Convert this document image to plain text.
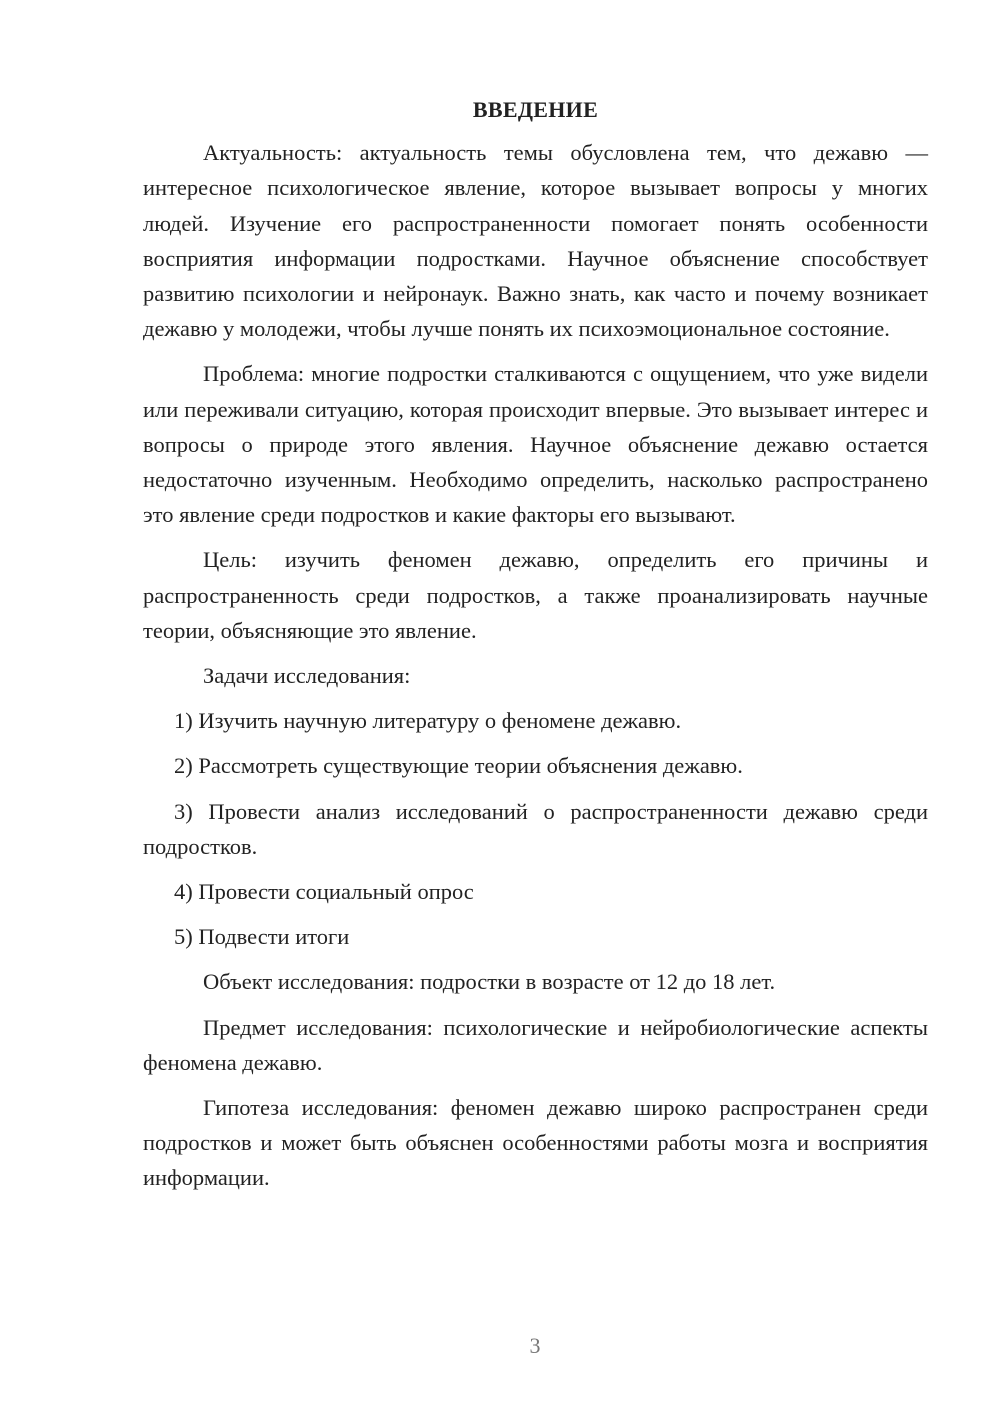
ВВЕДЕНИЕ

Актуальность: актуальность темы обусловлена тем, что дежавю — интересное психологическое явление, которое вызывает вопросы у многих людей. Изучение его распространенности помогает понять особенности восприятия информации подростками. Научное объяснение способствует развитию психологии и нейронаук. Важно знать, как часто и почему возникает дежавю у молодежи, чтобы лучше понять их психоэмоциональное состояние.

Проблема: многие подростки сталкиваются с ощущением, что уже видели или переживали ситуацию, которая происходит впервые. Это вызывает интерес и вопросы о природе этого явления. Научное объяснение дежавю остается недостаточно изученным. Необходимо определить, насколько распространено это явление среди подростков и какие факторы его вызывают.

Цель: изучить феномен дежавю, определить его причины и распространенность среди подростков, а также проанализировать научные теории, объясняющие это явление.

Задачи исследования:

1) Изучить научную литературу о феномене дежавю.

2) Рассмотреть существующие теории объяснения дежавю.

3) Провести анализ исследований о распространенности дежавю среди подростков.

4) Провести социальный опрос

5) Подвести итоги

Объект исследования: подростки в возрасте от 12 до 18 лет.

Предмет исследования: психологические и нейробиологические аспекты феномена дежавю.

Гипотеза исследования: феномен дежавю широко распространен среди подростков и может быть объяснен особенностями работы мозга и восприятия информации.

3
